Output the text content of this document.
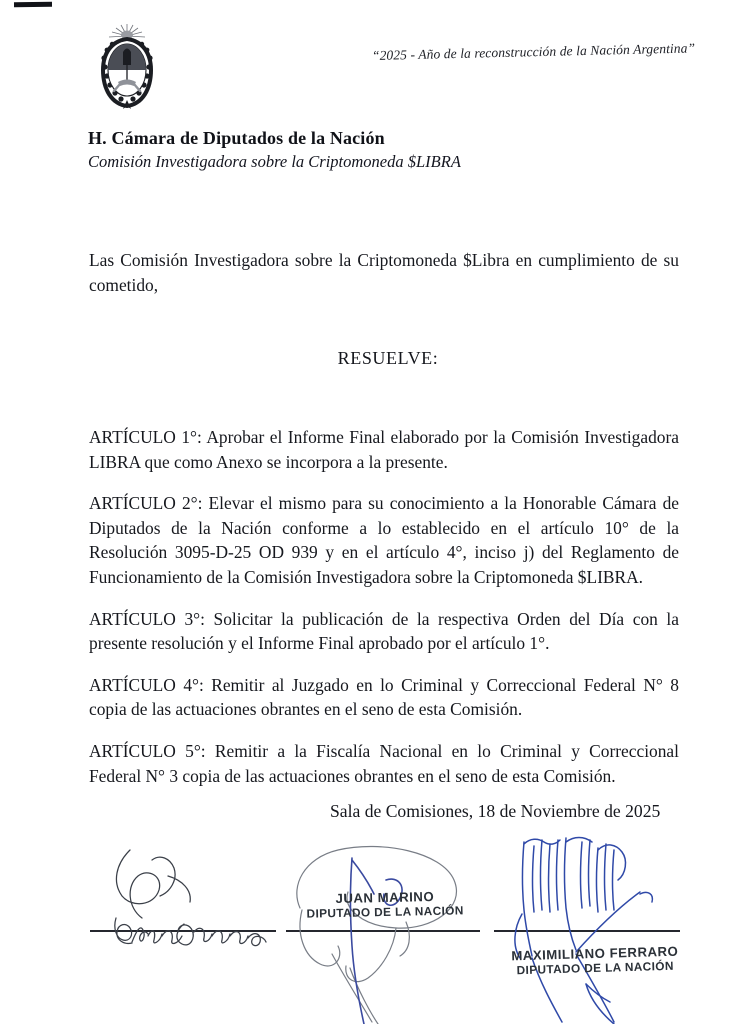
“2025 - Año de la reconstrucción de la Nación Argentina”
H. Cámara de Diputados de la Nación
Comisión Investigadora sobre la Criptomoneda $LIBRA

Las Comisión Investigadora sobre la Criptomoneda $Libra en cumplimiento de su cometido,

RESUELVE:

ARTÍCULO 1°: Aprobar el Informe Final elaborado por la Comisión Investigadora LIBRA que como Anexo se incorpora a la presente.

ARTÍCULO 2°: Elevar el mismo para su conocimiento a la Honorable Cámara de Diputados de la Nación conforme a lo establecido en el artículo 10° de la Resolución 3095-D-25 OD 939 y en el artículo 4°, inciso j) del Reglamento de Funcionamiento de la Comisión Investigadora sobre la Criptomoneda $LIBRA.

ARTÍCULO 3°: Solicitar la publicación de la respectiva Orden del Día con la presente resolución y el Informe Final aprobado por el artículo 1°.

ARTÍCULO 4°: Remitir al Juzgado en lo Criminal y Correccional Federal N° 8 copia de las actuaciones obrantes en el seno de esta Comisión.

ARTÍCULO 5°: Remitir a la Fiscalía Nacional en lo Criminal y Correccional Federal N° 3 copia de las actuaciones obrantes en el seno de esta Comisión.

Sala de Comisiones, 18 de Noviembre de 2025
JUAN MARINO
DIPUTADO DE LA NACIÓN
MAXIMILIANO FERRARO
DIPUTADO DE LA NACIÓN
